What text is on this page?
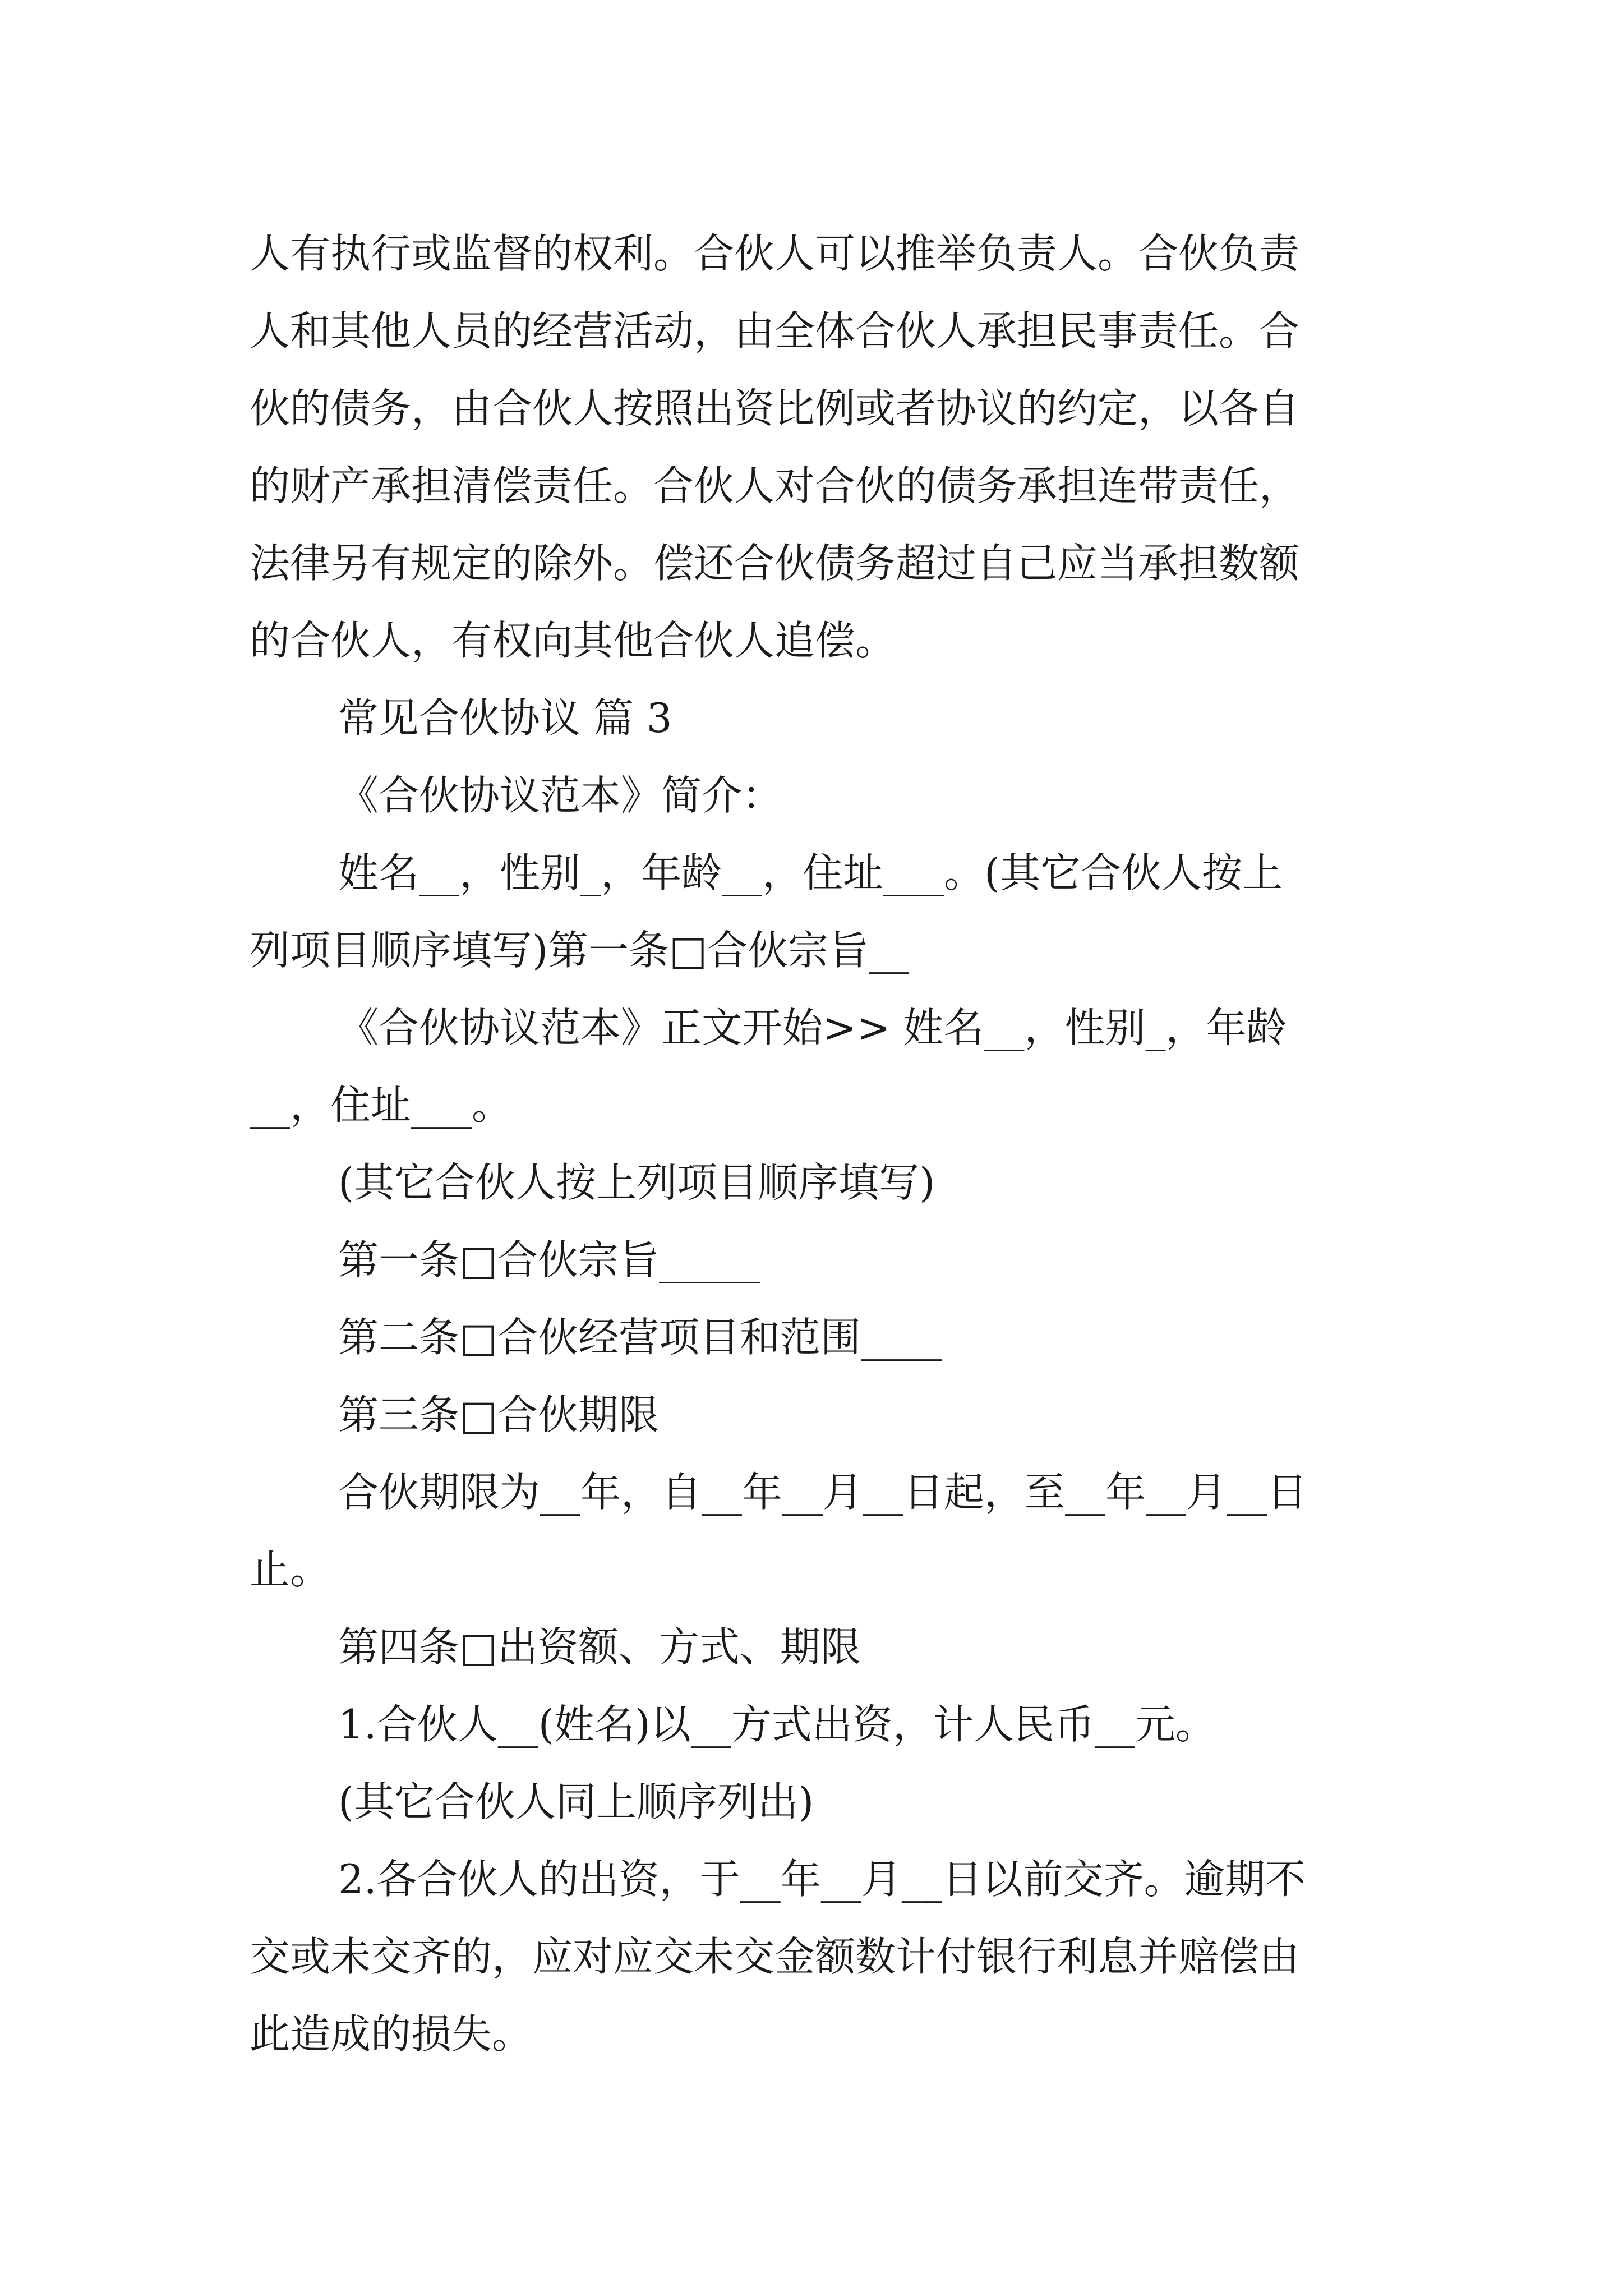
人有执行或监督的权利。合伙人可以推举负责人。合伙负责
人和其他人员的经营活动，由全体合伙人承担民事责任。合
伙的债务，由合伙人按照出资比例或者协议的约定，以各自
的财产承担清偿责任。合伙人对合伙的债务承担连带责任，
法律另有规定的除外。偿还合伙债务超过自己应当承担数额
的合伙人，有权向其他合伙人追偿。
常见合伙协议 篇 3
《合伙协议范本》简介：
姓名__，性别_，年龄__，住址___。(其它合伙人按上
列项目顺序填写)第一条□合伙宗旨__
《合伙协议范本》正文开始>> 姓名__，性别_，年龄
__，住址___。
(其它合伙人按上列项目顺序填写)
第一条□合伙宗旨_____
第二条□合伙经营项目和范围____
第三条□合伙期限
合伙期限为__年，自__年__月__日起，至__年__月__日
止。
第四条□出资额、方式、期限
1.合伙人__(姓名)以__方式出资，计人民币__元。
(其它合伙人同上顺序列出)
2.各合伙人的出资，于__年__月__日以前交齐。逾期不
交或未交齐的，应对应交未交金额数计付银行利息并赔偿由
此造成的损失。
